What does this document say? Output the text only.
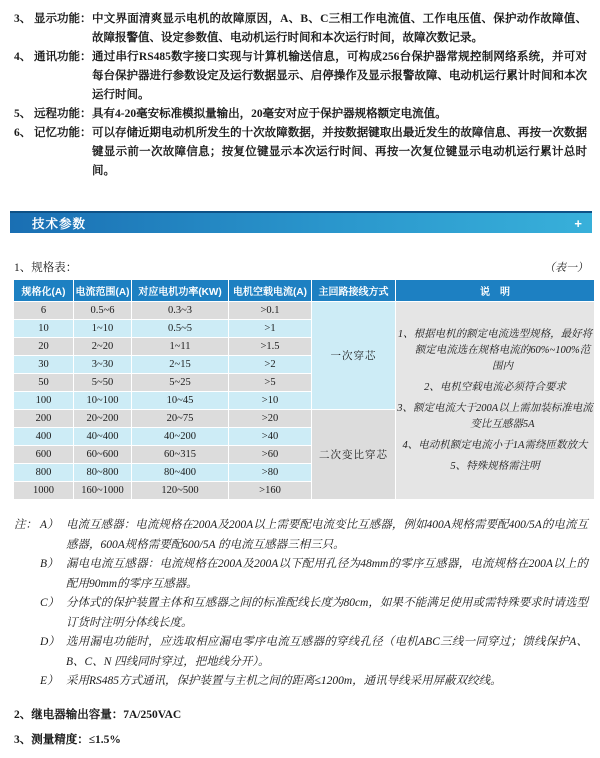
3、 显示功能： 中文界面清爽显示电机的故障原因，A、B、C三相工作电流值、工作电压值、保护动作故障值、故障报警值、设定参数值、电动机运行时间和本次运行时间，故障次数记录。
4、 通讯功能： 通过串行RS485数字接口实现与计算机输送信息，可构成256台保护器常规控制网络系统，并可对每台保护器进行参数设定及运行数据显示、启停操作及显示报警故障、电动机运行累计时间和本次运行时间。
5、 远程功能： 具有4-20毫安标准模拟量输出，20毫安对应于保护器规格额定电流值。
6、 记忆功能： 可以存储近期电动机所发生的十次故障数据，并按数据键取出最近发生的故障信息、再按一次数据键显示前一次故障信息；按复位键显示本次运行时间、再按一次复位键显示电动机运行累计总时间。
技术参数	+
1、规格表：	（表一）
规格化(A)	电流范围(A)	对应电机功率(KW)	电机空载电流(A)	主回路接线方式	说　明
6	0.5~6	0.3~3	>0.1	一次穿芯	1、根据电机的额定电流选型规格，最好将额定电流选在规格电流的60%~100%范围内
2、电机空载电流必须符合要求
3、额定电流大于200A以上需加装标准电流变比互感器5A
4、电动机额定电流小于1A需绕匝数放大
5、特殊规格需注明

10	1~10	0.5~5	>1		
20	2~20	1~11	>1.5		
30	3~30	2~15	>2		
50	5~50	5~25	>5		
100	10~100	10~45	>10		
200	20~200	20~75	>20	二次变比穿芯	
400	40~400	40~200	>40		
600	60~600	60~315	>60		
800	80~800	80~400	>80		
1000	160~1000	120~500	>160		
注： A） 电流互感器：电流规格在200A及200A以上需要配电流变比互感器，例如400A规格需要配400/5A的电流互感器，600A规格需要配600/5A 的电流互感器三相三只。
B） 漏电电流互感器：电流规格在200A及200A以下配用孔径为48mm的零序互感器，电流规格在200A以上的配用90mm的零序互感器。
C） 分体式的保护装置主体和互感器之间的标准配线长度为80cm，如果不能满足使用或需特殊要求时请选型订货时注明分体线长度。
D） 选用漏电功能时，应选取相应漏电零序电流互感器的穿线孔径（电机ABC三线一同穿过；馈线保护A、B、C、N 四线同时穿过，把地线分开）。
E） 采用RS485方式通讯，保护装置与主机之间的距离≤1200m，通讯导线采用屏蔽双绞线。
2、继电器输出容量：7A/250VAC
3、测量精度：≤1.5%
